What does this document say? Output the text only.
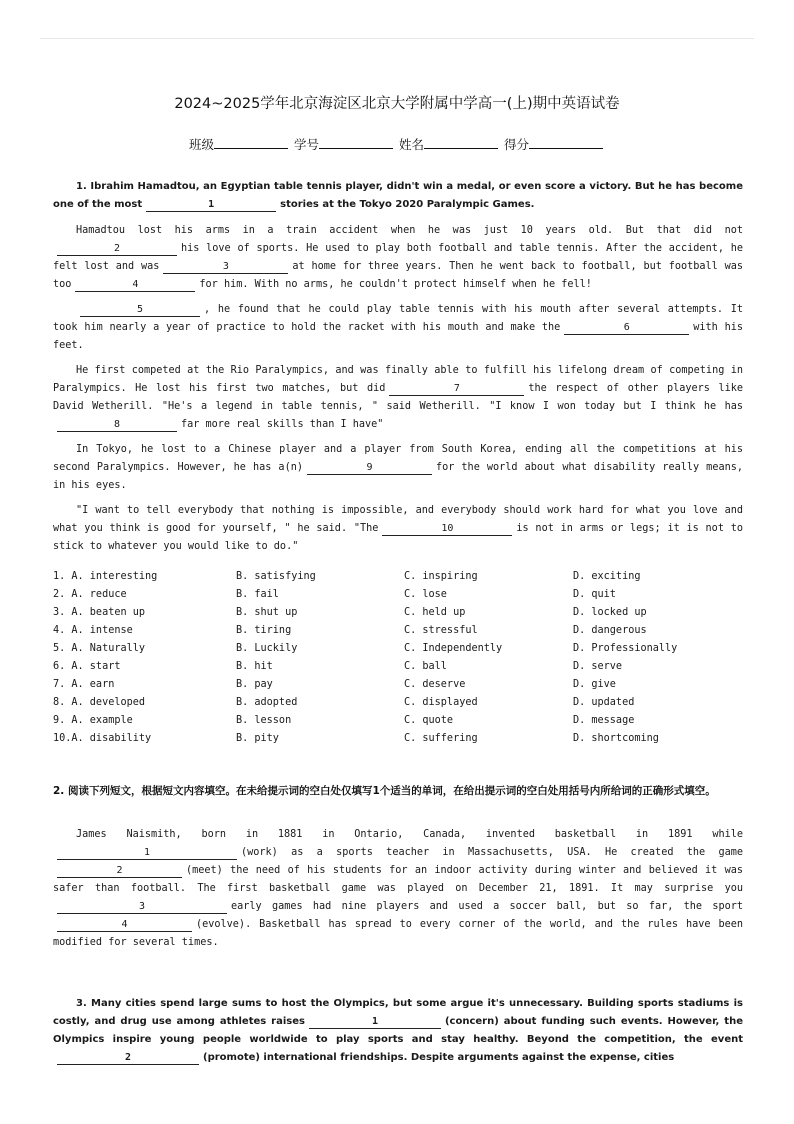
2024~2025学年北京海淀区北京大学附属中学高一(上)期中英语试卷
班级	学号	姓名	得分

1. Ibrahim Hamadtou, an Egyptian table tennis player, didn't win a medal, or even score a victory. But he has become one of the most	1	stories at the Tokyo 2020 Paralympic Games.

Hamadtou lost his arms in a train accident when he was just 10 years old. But that did not2	his love of sports. He used to play both football and table tennis. After the accident, he felt lost and was	3	at home for three years. Then he went back to football, but football was too	4	for him. With no arms, he couldn't protect himself when he fell!

5	, he found that he could play table tennis with his mouth after several attempts. It took him nearly a year of practice to hold the racket with his mouth and make the	6	with his feet.

He first competed at the Rio Paralympics, and was finally able to fulfill his lifelong dream of competing in Paralympics. He lost his first two matches, but did	7	the respect of other players like David Wetherill. "He's a legend in table tennis, " said Wetherill. "I know I won today but I think he has8	far more real skills than I have"

In Tokyo, he lost to a Chinese player and a player from South Korea, ending all the competitions at his second Paralympics. However, he has a(n)	9	for the world about what disability really means, in his eyes.

"I want to tell everybody that nothing is impossible, and everybody should work hard for what you love and what you think is good for yourself, " he said. "The	10	is not in arms or legs; it is not to stick to whatever you would like to do."

1. A. interesting	B. satisfying	C. inspiring	D. exciting
2. A. reduce	B. fail	C. lose	D. quit
3. A. beaten up	B. shut up	C. held up	D. locked up
4. A. intense	B. tiring	C. stressful	D. dangerous
5. A. Naturally	B. Luckily	C. Independently	D. Professionally
6. A. start	B. hit	C. ball	D. serve
7. A. earn	B. pay	C. deserve	D. give
8. A. developed	B. adopted	C. displayed	D. updated
9. A. example	B. lesson	C. quote	D. message
10.A. disability	B. pity	C. suffering	D. shortcoming
2. 阅读下列短文，根据短文内容填空。在未给提示词的空白处仅填写1个适当的单词，在给出提示词的空白处用括号内所给词的正确形式填空。

James Naismith, born in 1881 in Ontario, Canada, invented basketball in 1891 while1	(work) as a sports teacher in Massachusetts, USA. He created the game2	(meet) the need of his students for an indoor activity during winter and believed it was safer than football. The first basketball game was played on December 21, 1891. It may surprise you3	early games had nine players and used a soccer ball, but so far, the sport4	(evolve). Basketball has spread to every corner of the world, and the rules have been modified for several times.

3. Many cities spend large sums to host the Olympics, but some argue it's unnecessary. Building sports stadiums is costly, and drug use among athletes raises	1	(concern) about funding such events. However, the Olympics inspire young people worldwide to play sports and stay healthy. Beyond the competition, the event2	(promote) international friendships. Despite arguments against the expense, cities
